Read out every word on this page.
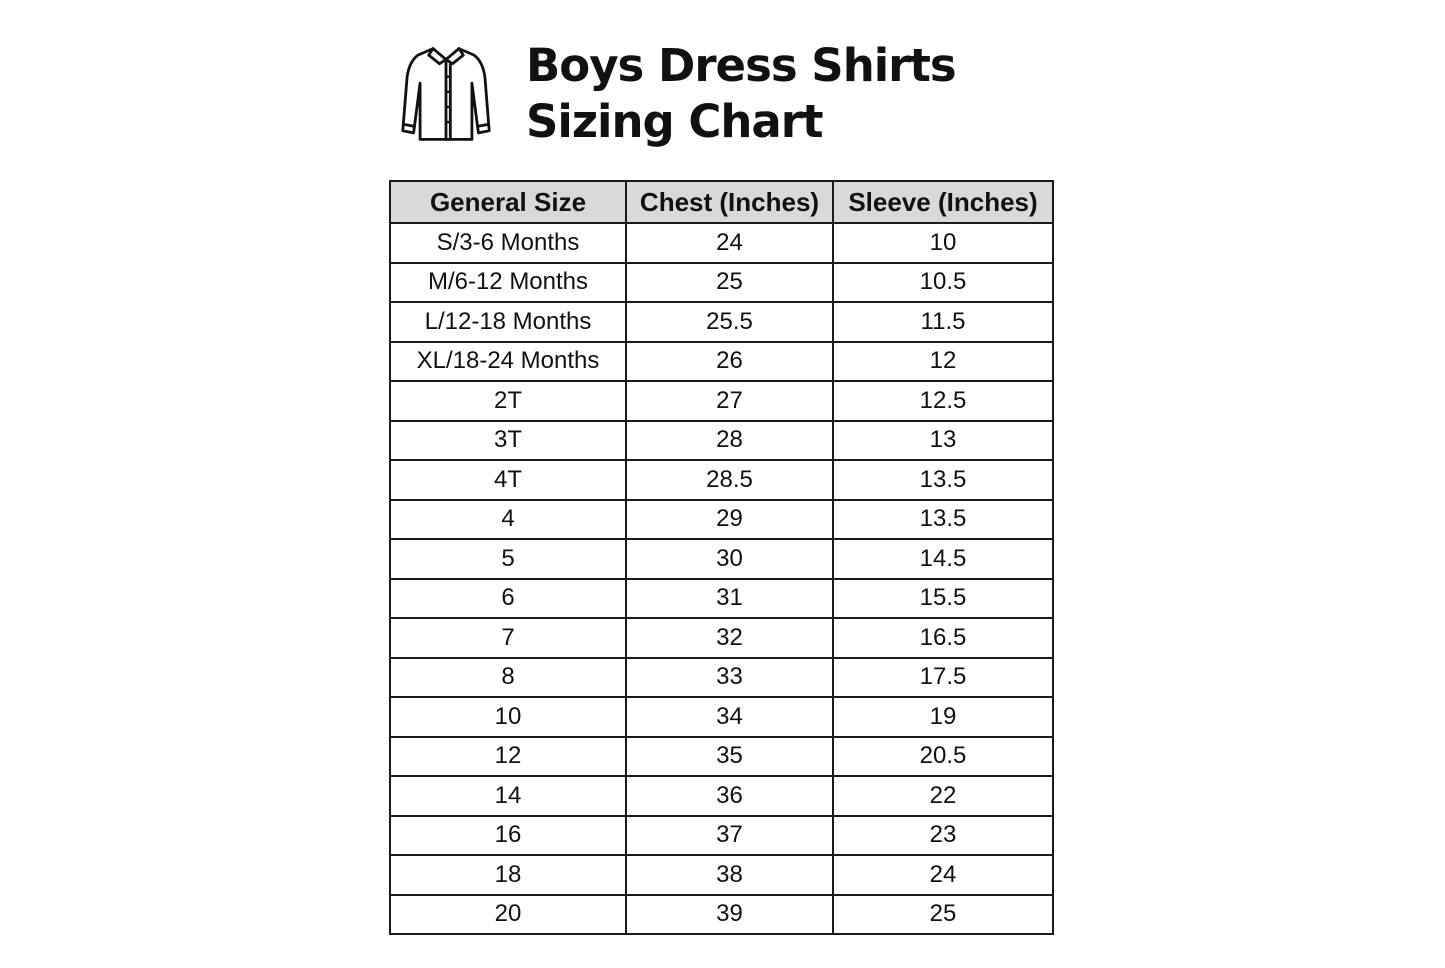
Boys Dress Shirts
Sizing Chart
General Size	Chest (Inches)	Sleeve (Inches)
S/3-6 Months	24	10
M/6-12 Months	25	10.5
L/12-18 Months	25.5	11.5
XL/18-24 Months	26	12
2T	27	12.5
3T	28	13
4T	28.5	13.5
4	29	13.5
5	30	14.5
6	31	15.5
7	32	16.5
8	33	17.5
10	34	19
12	35	20.5
14	36	22
16	37	23
18	38	24
20	39	25
